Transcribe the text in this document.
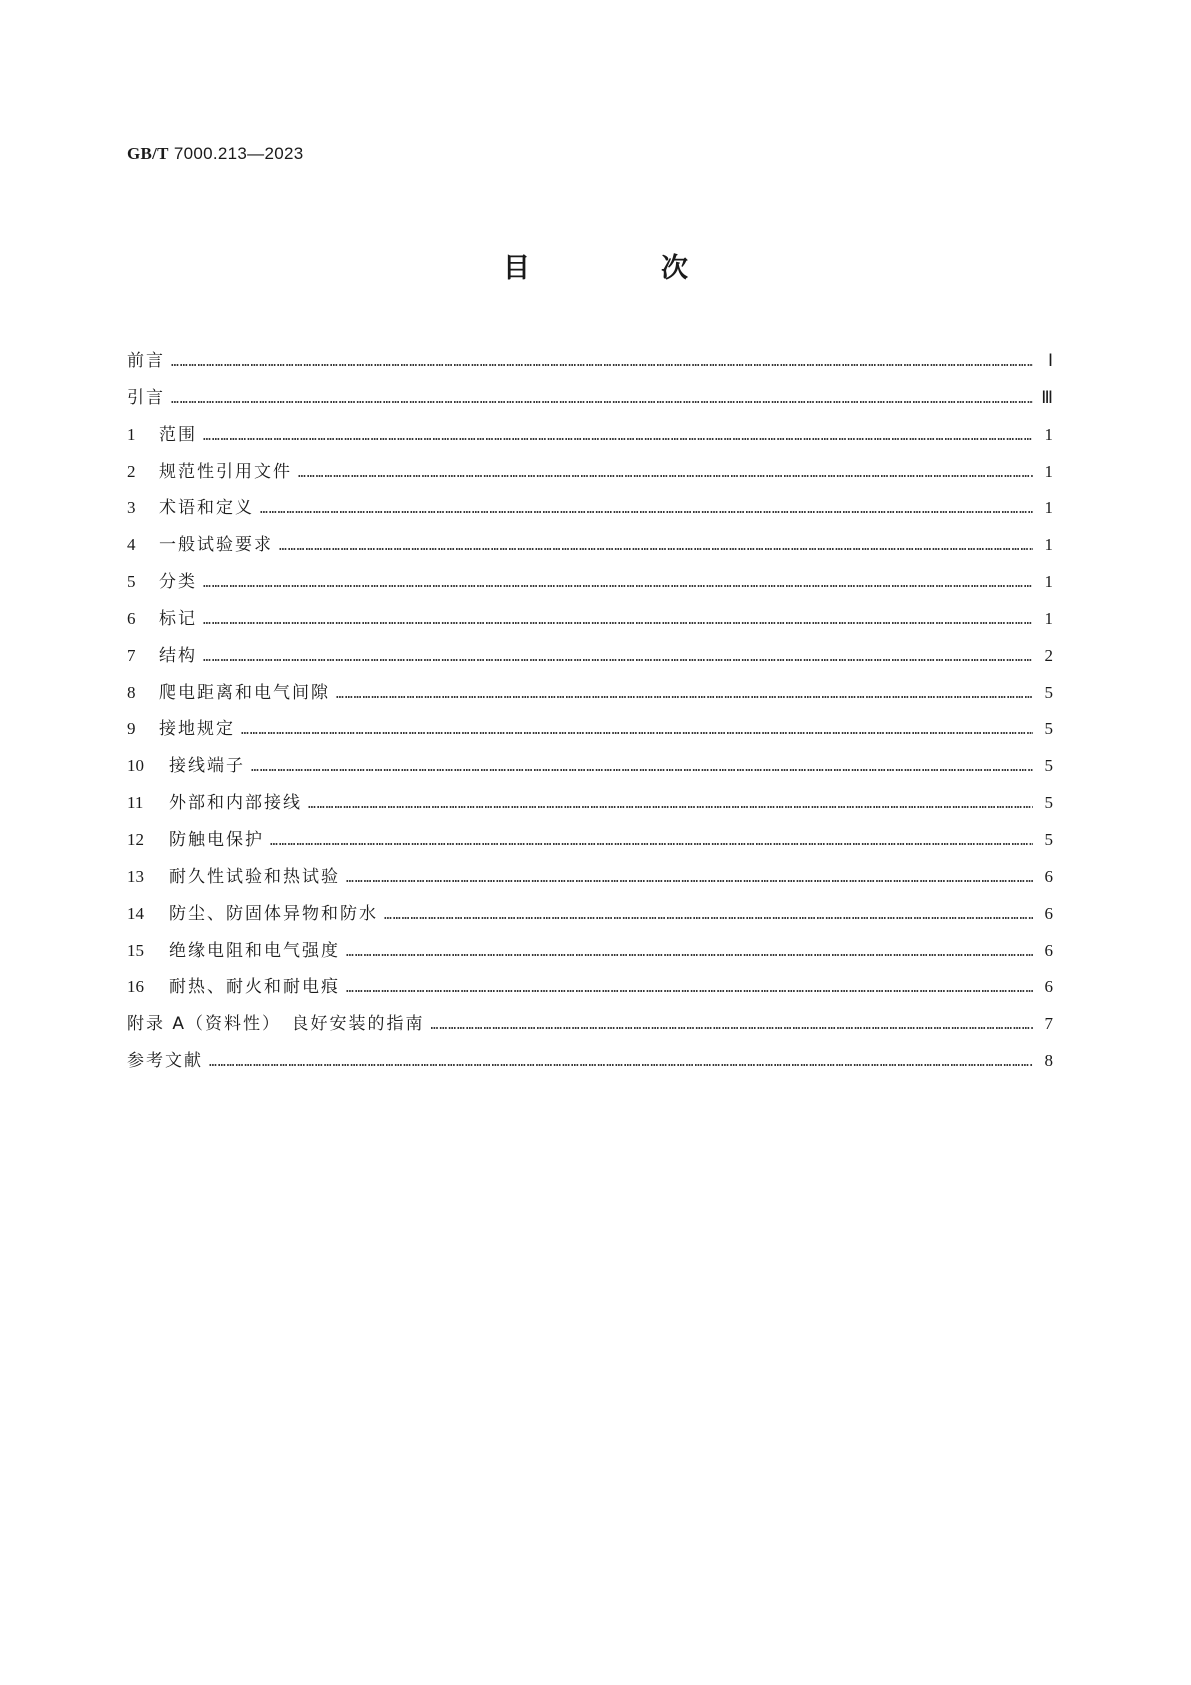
GB/T 7000.213—2023
目　次
前言 ………………………………………………………………………………………………………………………………………………………………………………………………………………………………………………………………………………	Ⅰ
引言 ………………………………………………………………………………………………………………………………………………………………………………………………………………………………………………………………………………	Ⅲ
1	范围 ………………………………………………………………………………………………………………………………………………………………………………………………………………………………………………………………………………	1
2	规范性引用文件 ………………………………………………………………………………………………………………………………………………………………………………………………………………………………………………………………………………	1
3	术语和定义 ………………………………………………………………………………………………………………………………………………………………………………………………………………………………………………………………………………	1
4	一般试验要求 ………………………………………………………………………………………………………………………………………………………………………………………………………………………………………………………………………………	1
5	分类 ………………………………………………………………………………………………………………………………………………………………………………………………………………………………………………………………………………	1
6	标记 ………………………………………………………………………………………………………………………………………………………………………………………………………………………………………………………………………………	1
7	结构 ………………………………………………………………………………………………………………………………………………………………………………………………………………………………………………………………………………	2
8	爬电距离和电气间隙 ………………………………………………………………………………………………………………………………………………………………………………………………………………………………………………………………………………	5
9	接地规定 ………………………………………………………………………………………………………………………………………………………………………………………………………………………………………………………………………………	5
10	接线端子 ………………………………………………………………………………………………………………………………………………………………………………………………………………………………………………………………………………	5
11	外部和内部接线 ………………………………………………………………………………………………………………………………………………………………………………………………………………………………………………………………………………	5
12	防触电保护 ………………………………………………………………………………………………………………………………………………………………………………………………………………………………………………………………………………	5
13	耐久性试验和热试验 ………………………………………………………………………………………………………………………………………………………………………………………………………………………………………………………………………………	6
14	防尘、防固体异物和防水 ………………………………………………………………………………………………………………………………………………………………………………………………………………………………………………………………………………	6
15	绝缘电阻和电气强度 ………………………………………………………………………………………………………………………………………………………………………………………………………………………………………………………………………………	6
16	耐热、耐火和耐电痕 ………………………………………………………………………………………………………………………………………………………………………………………………………………………………………………………………………………	6
附录 A（资料性）　良好安装的指南 ………………………………………………………………………………………………………………………………………………………………………………………………………………………………………………………………………………	7
参考文献 ………………………………………………………………………………………………………………………………………………………………………………………………………………………………………………………………………………	8
